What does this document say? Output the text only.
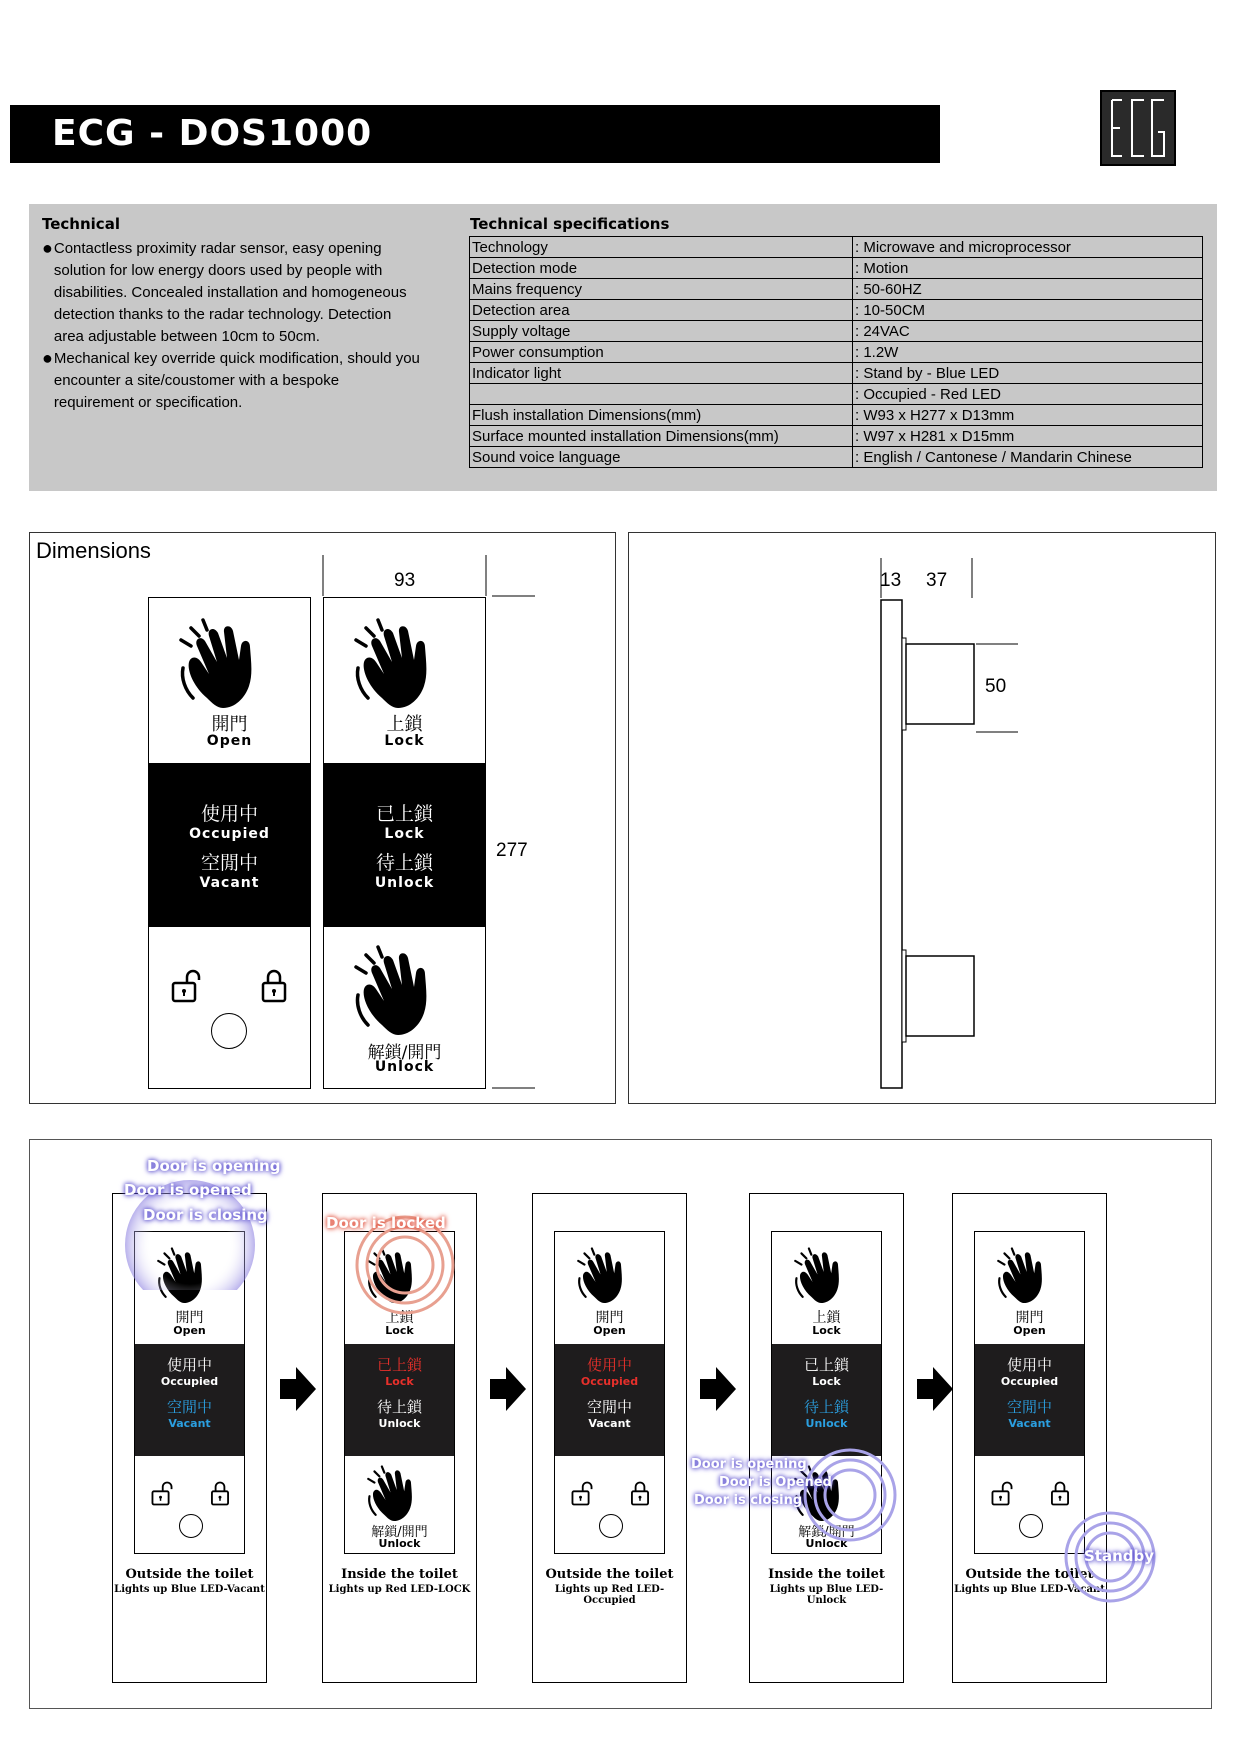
ECG - DOS1000
Technical
● Contactless proximity radar sensor, easy opening solution for low energy doors used by people with disabilities. Concealed installation and homogeneous detection thanks to the radar technology. Detection area adjustable between 10cm to 50cm.
● Mechanical key override quick modification, should you encounter a site/coustomer with a bespoke requirement or specification.
Technical specifications
Technology	: Microwave and microprocessor
Detection mode	: Motion
Mains frequency	: 50-60HZ
Detection area	: 10-50CM
Supply voltage	: 24VAC
Power consumption	: 1.2W
Indicator light	: Stand by - Blue LED
	: Occupied - Red LED
Flush installation Dimensions(mm)	: W93 x H277 x D13mm
Surface mounted installation Dimensions(mm)	: W97 x H281 x D15mm
Sound voice language	: English / Cantonese / Mandarin Chinese
Dimensions
開門
Open
使用中
Occupied
空閒中
Vacant
上鎖
Lock
已上鎖
Lock
待上鎖
Unlock
解鎖/開門
Unlock
93
277
13 37
50
開門
Open
使用中
Occupied
空閒中
Vacant
Outside the toilet
Lights up Blue LED-Vacant
上鎖
Lock
已上鎖
Lock
待上鎖
Unlock
解鎖/開門
Unlock
Inside the toilet
Lights up Red LED-LOCK
開門
Open
使用中
Occupied
空閒中
Vacant
Outside the toilet
Lights up Red LED-Occupied
上鎖
Lock
已上鎖
Lock
待上鎖
Unlock
解鎖/開門
Unlock
Inside the toilet
Lights up Blue LED-Unlock
開門
Open
使用中
Occupied
空閒中
Vacant
Outside the toilet
Lights up Blue LED-Vacant
Door is opening
Door is opened
Door is closing	Door is locked
Door is opening
Door is Opened
Door is closing
Standby
